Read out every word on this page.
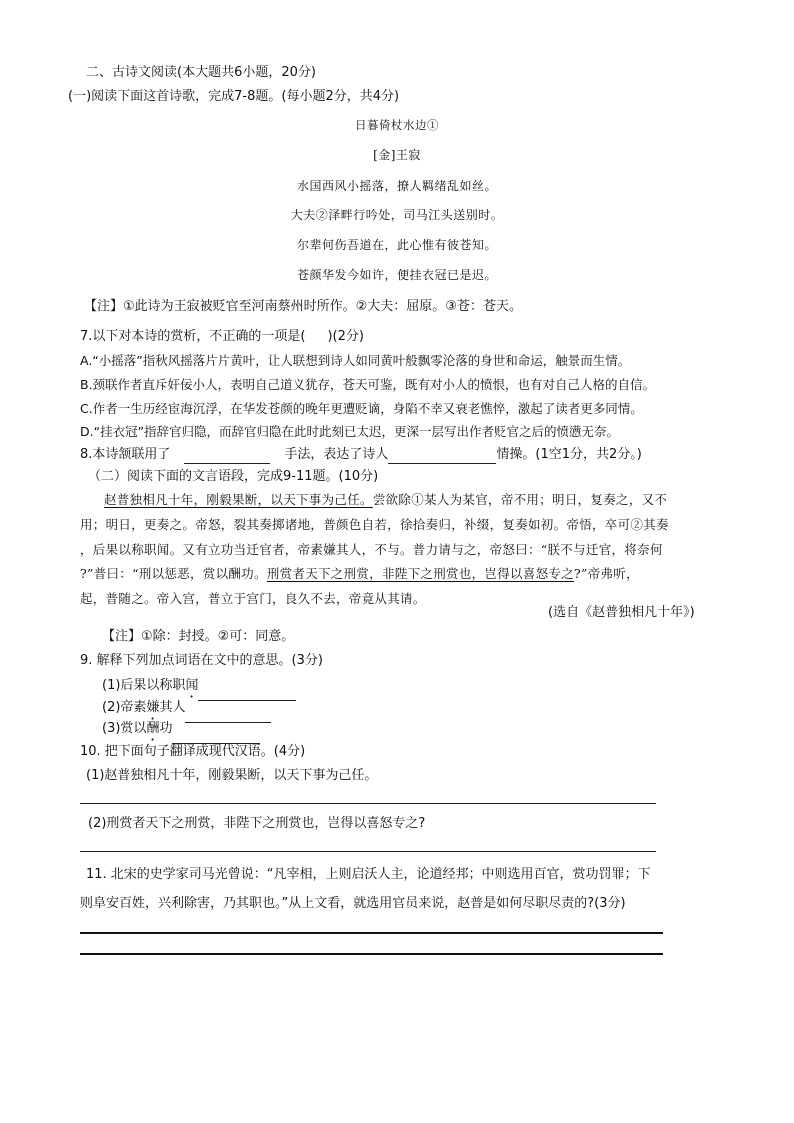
二、古诗文阅读(本大题共6小题，20分)
(一)阅读下面这首诗歌，完成7-8题。(每小题2分，共4分)
日暮倚杖水边①
[金]王寂
水国西风小摇落，撩人羁绪乱如丝。
大夫②泽畔行吟处，司马江头送别时。
尔辈何伤吾道在，此心惟有彼苍知。
苍颜华发今如许，便挂衣冠已是迟。
【注】①此诗为王寂被贬官至河南蔡州时所作。②大夫：屈原。③苍：苍天。
7.以下对本诗的赏析，不正确的一项是( )(2分)
A.“小摇落”指秋风摇落片片黄叶，让人联想到诗人如同黄叶般飘零沦落的身世和命运，触景而生情。
B.颈联作者直斥奸佞小人，表明自己道义犹存，苍天可鉴，既有对小人的愤恨，也有对自己人格的自信。
C.作者一生历经宦海沉浮，在华发苍颜的晚年更遭贬谪，身陷不幸又衰老憔悴，激起了读者更多同情。
D.“挂衣冠”指辞官归隐，而辞官归隐在此时此刻已太迟，更深一层写出作者贬官之后的愤懑无奈。
8.本诗颔联用了	手法，表达了诗人	情操。(1空1分，共2分。)
（二）阅读下面的文言语段，完成9-11题。(10分)
赵普独相凡十年，刚毅果断，以天下事为己任。尝欲除①某人为某官，帝不用；明日，复奏之，又不
用；明日，更奏之。帝怒，裂其奏掷诸地，普颜色自若，徐拾奏归，补缀，复奏如初。帝悟，卒可②其奏
，后果以称职闻。又有立功当迁官者，帝素嫌其人，不与。普力请与之，帝怒曰：“朕不与迁官，将奈何
?”普曰：“刑以惩恶，赏以酬功。刑赏者天下之刑赏，非陛下之刑赏也，岂得以喜怒专之?”帝弗听，
起，普随之。帝入宫，普立于宫门，良久不去，帝竟从其请。
(选自《赵普独相凡十年》)
【注】①除：封授。②可：同意。
9. 解释下列加点词语在文中的意思。(3分)
(1)后果以称职闻
(2)帝素嫌其人
(3)赏以酬功
10. 把下面句子翻译成现代汉语。(4分)
(1)赵普独相凡十年，刚毅果断，以天下事为己任。
(2)刑赏者天下之刑赏，非陛下之刑赏也，岂得以喜怒专之?
11. 北宋的史学家司马光曾说：“凡宰相，上则启沃人主，论道经邦；中则选用百官，赏功罚罪；下
则阜安百姓，兴利除害，乃其职也。”从上文看，就选用官员来说，赵普是如何尽职尽责的?(3分)
